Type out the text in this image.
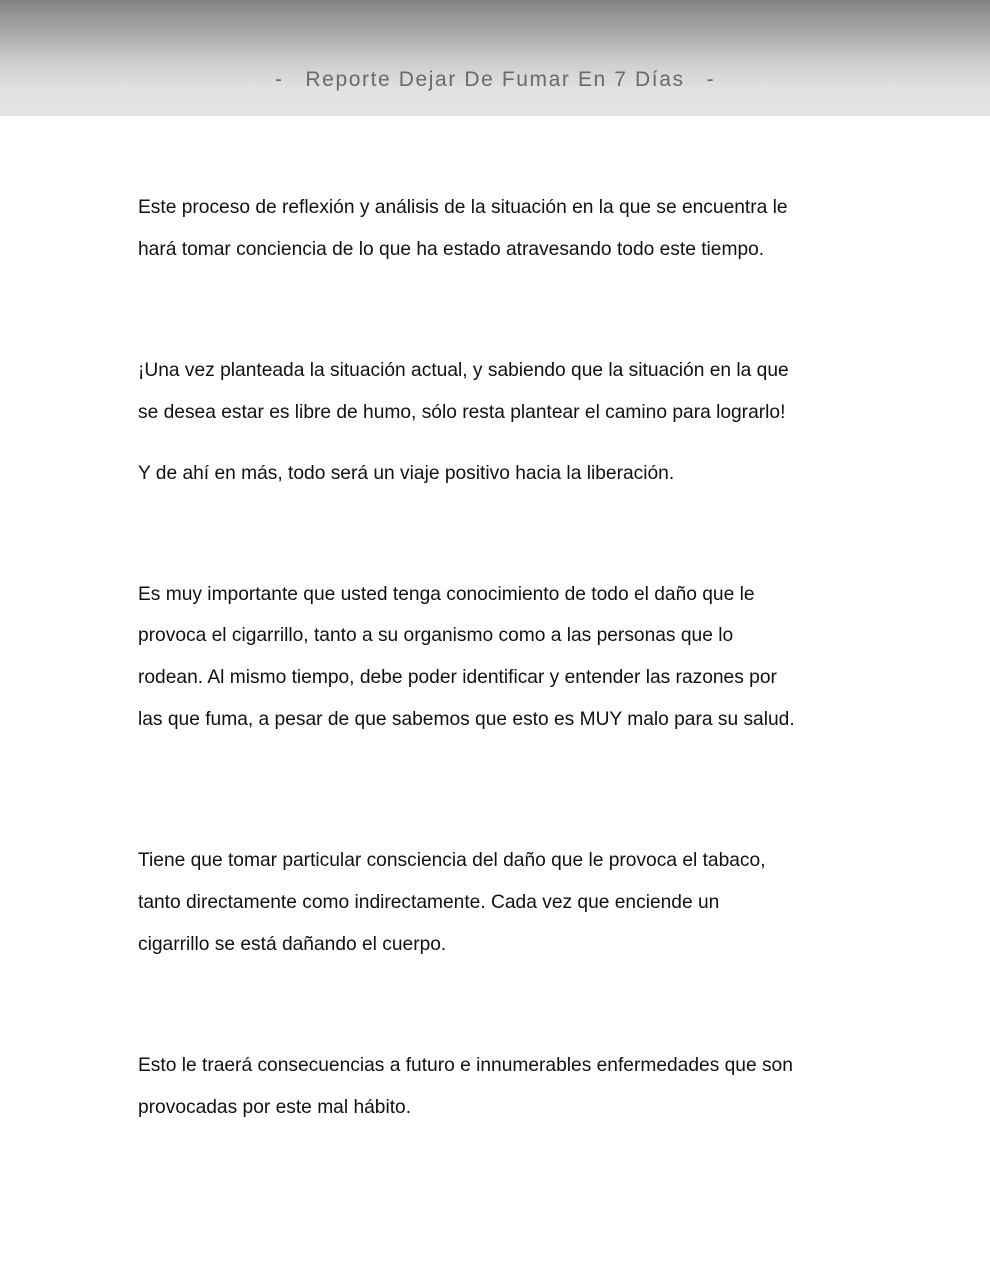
- Reporte Dejar De Fumar En 7 Días -

Este proceso de reflexión y análisis de la situación en la que se encuentra le
hará tomar conciencia de lo que ha estado atravesando todo este tiempo.

¡Una vez planteada la situación actual, y sabiendo que la situación en la que
se desea estar es libre de humo, sólo resta plantear el camino para lograrlo!

Y de ahí en más, todo será un viaje positivo hacia la liberación.

Es muy importante que usted tenga conocimiento de todo el daño que le
provoca el cigarrillo, tanto a su organismo como a las personas que lo
rodean. Al mismo tiempo, debe poder identificar y entender las razones por
las que fuma, a pesar de que sabemos que esto es MUY malo para su salud.

Tiene que tomar particular consciencia del daño que le provoca el tabaco,
tanto directamente como indirectamente. Cada vez que enciende un
cigarrillo se está dañando el cuerpo.

Esto le traerá consecuencias a futuro e innumerables enfermedades que son
provocadas por este mal hábito.
